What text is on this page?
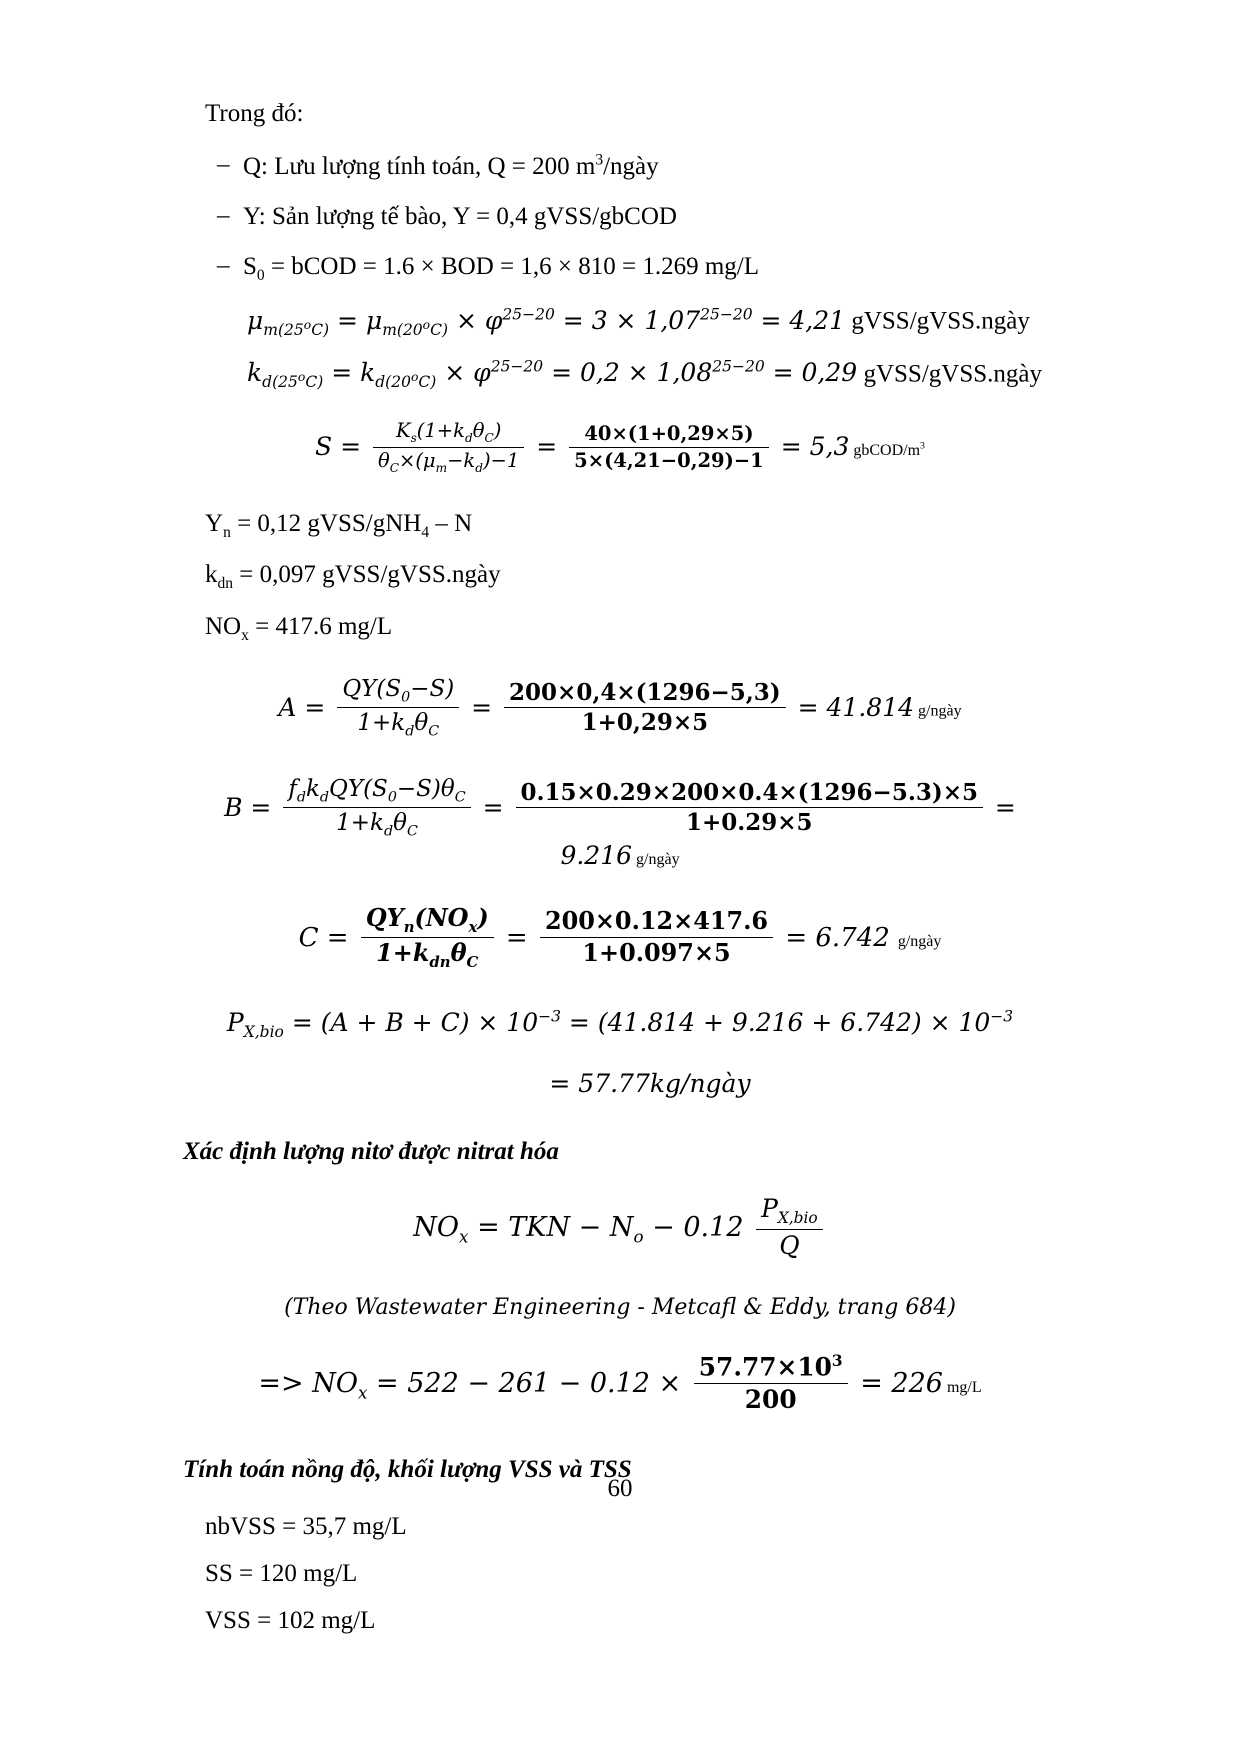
Trong đó:
– Q: Lưu lượng tính toán, Q = 200 $m^3$/ngày
– Y: Sản lượng tế bào, Y = 0,4 gVSS/gbCOD
– $S_0$ = bCOD = 1.6 × BOD = 1,6 × 810 = 1.269 mg/L
$\mu_{m(25^oC)} = \mu_{m(20^oC)} \times \varphi^{25-20} = 3 \times 1,07^{25-20} = 4,21$ gVSS/gVSS.ngày
$k_{d(25^oC)} = k_{d(20^oC)} \times \varphi^{25-20} = 0,2 \times 1,08^{25-20} = 0,29$ gVSS/gVSS.ngày
$S = \frac{K_s(1+k_d\theta_C)}{\theta_C\times(\mu_m-k_d)-1} = \frac{40\times(1+0,29\times 5)}{5\times(4,21-0,29)-1} = 5,3$ gbCOD/$m^3$
$Y_n = 0,12$ gVSS/gNH$_4$ – N
$k_{dn} = 0,097$ gVSS/gVSS.ngày
$NO_x = 417.6$ mg/L
$A = \frac{QY(S_0-S)}{1+k_d\theta_C} = \frac{200\times 0,4\times(1296-5,3)}{1+0,29\times 5} = 41.814$ g/ngày
$B = \frac{f_dk_dQY(S_0-S)\theta_C}{1+k_d\theta_C} = \frac{0.15\times 0.29\times 200\times 0.4\times(1296-5.3)\times 5}{1+0.29\times 5} = 9.216$ g/ngày
$C = \frac{QY_n(NO_x)}{1+k_{dn}\theta_C} = \frac{200\times 0.12\times 417.6}{1+0.097\times 5} = 6.742$  g/ngày
$P_{X,bio} = (A + B + C) \times 10^{-3} = (41.814 + 9.216 + 6.742) \times 10^{-3}$
= 57.77kg/ngày
Xác định lượng nitơ được nitrat hóa
$NO_x$ = TKN − $N_o - 0.12 \frac{P_{X,bio}}{Q}$
(Theo Wastewater Engineering - Metcafl & Eddy, trang 684)
=> $NO_x = 522 - 261 - 0.12 \times \frac{57.77\times 10^3}{200} = 226$ mg/L
Tính toán nồng độ, khối lượng VSS và TSS
nbVSS = 35,7 mg/L
SS = 120 mg/L
VSS = 102 mg/L
60
